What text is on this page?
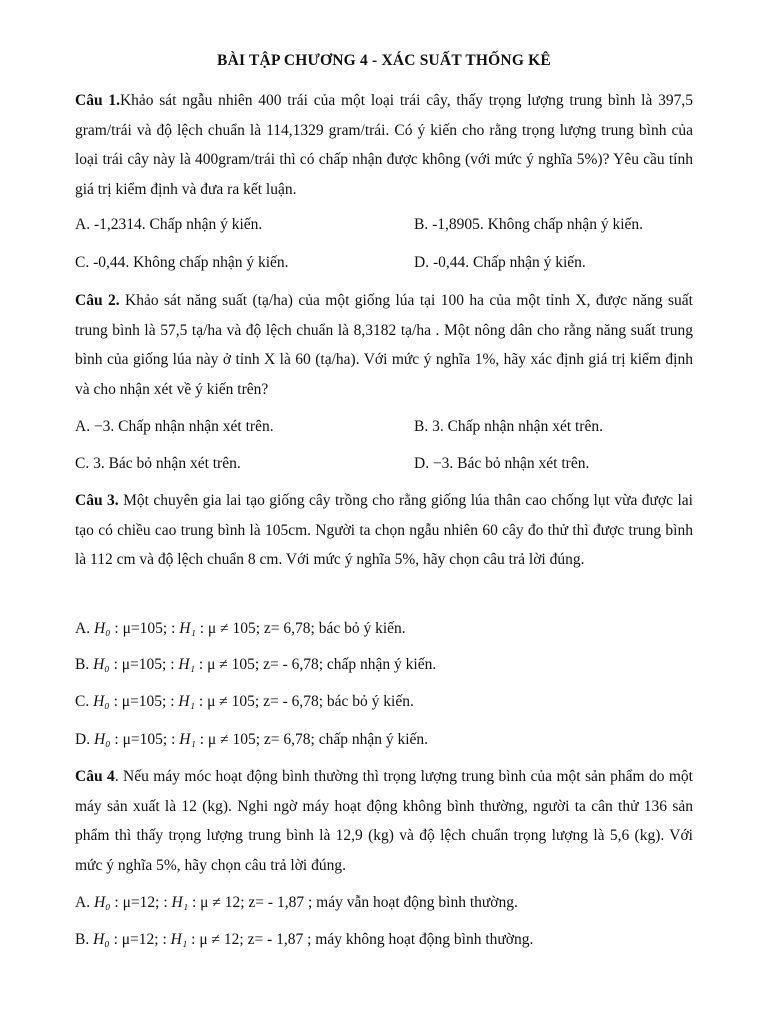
BÀI TẬP CHƯƠNG 4 - XÁC SUẤT THỐNG KÊ
Câu 1.Khảo sát ngẫu nhiên 400 trái của một loại trái cây, thấy trọng lượng trung bình là 397,5 gram/trái và độ lệch chuẩn là 114,1329 gram/trái. Có ý kiến cho rằng trọng lượng trung bình của loại trái cây này là 400gram/trái thì có chấp nhận được không (với mức ý nghĩa 5%)? Yêu cầu tính giá trị kiểm định và đưa ra kết luận.
A. -1,2314. Chấp nhận ý kiến.	B. -1,8905. Không chấp nhận ý kiến.
C. -0,44. Không chấp nhận ý kiến.	D. -0,44. Chấp nhận ý kiến.
Câu 2. Khảo sát năng suất (tạ/ha) của một giống lúa tại 100 ha của một tỉnh X, được năng suất trung bình là 57,5 tạ/ha và độ lệch chuẩn là 8,3182 tạ/ha . Một nông dân cho rằng năng suất trung bình của giống lúa này ở tỉnh X là 60 (tạ/ha). Với mức ý nghĩa 1%, hãy xác định giá trị kiểm định và cho nhận xét về ý kiến trên?
A. −3. Chấp nhận nhận xét trên.	B. 3. Chấp nhận nhận xét trên.
C. 3. Bác bỏ nhận xét trên.	D. −3. Bác bỏ nhận xét trên.
Câu 3. Một chuyên gia lai tạo giống cây trồng cho rằng giống lúa thân cao chống lụt vừa được lai tạo có chiều cao trung bình là 105cm. Người ta chọn ngẫu nhiên 60 cây đo thử thì được trung bình là 112 cm và độ lệch chuẩn 8 cm. Với mức ý nghĩa 5%, hãy chọn câu trả lời đúng.
A. H₀ : μ=105; : H₁ : μ ≠ 105; z= 6,78; bác bỏ ý kiến.
B. H₀ : μ=105; : H₁ : μ ≠ 105; z= - 6,78; chấp nhận ý kiến.
C. H₀ : μ=105; : H₁ : μ ≠ 105; z= - 6,78; bác bỏ ý kiến.
D. H₀ : μ=105; : H₁ : μ ≠ 105; z= 6,78; chấp nhận ý kiến.
Câu 4. Nếu máy móc hoạt động bình thường thì trọng lượng trung bình của một sản phẩm do một máy sản xuất là 12 (kg). Nghi ngờ máy hoạt động không bình thường, người ta cân thử 136 sản phẩm thì thấy trọng lượng trung bình là 12,9 (kg) và độ lệch chuẩn trọng lượng là 5,6 (kg). Với mức ý nghĩa 5%, hãy chọn câu trả lời đúng.
A. H₀ : μ=12; : H₁ : μ ≠ 12; z= - 1,87 ; máy vẫn hoạt động bình thường.
B. H₀ : μ=12; : H₁ : μ ≠ 12; z= - 1,87 ; máy không hoạt động bình thường.
